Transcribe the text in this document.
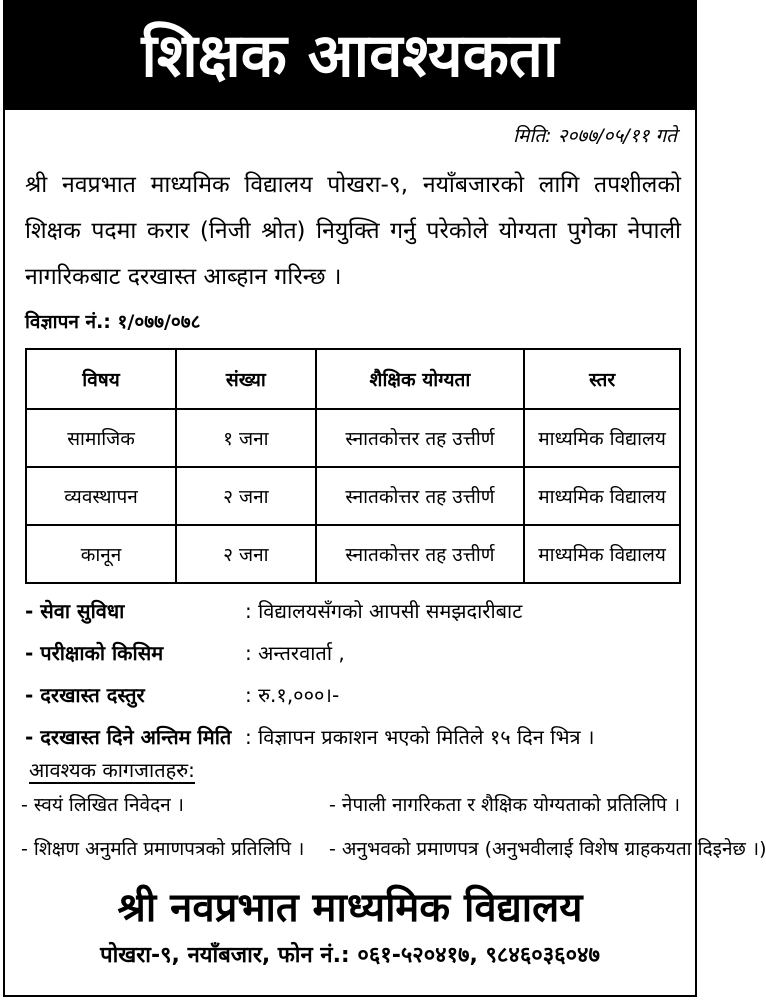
शिक्षक आवश्यकता
मिति: २०७७/०५/११ गते
श्री नवप्रभात माध्यमिक विद्यालय पोखरा-९, नयाँबजारको लागि तपशीलको शिक्षक पदमा करार (निजी श्रोत) नियुक्ति गर्नु परेकोले योग्यता पुगेका नेपाली नागरिकबाट दरखास्त आब्हान गरिन्छ ।
विज्ञापन नं.: १/०७७/०७८
विषय	संख्या	शैक्षिक योग्यता	स्तर
सामाजिक	१ जना	स्नातकोत्तर तह उत्तीर्ण	माध्यमिक विद्यालय
व्यवस्थापन	२ जना	स्नातकोत्तर तह उत्तीर्ण	माध्यमिक विद्यालय
कानून	२ जना	स्नातकोत्तर तह उत्तीर्ण	माध्यमिक विद्यालय
- सेवा सुविधा	: विद्यालयसँगको आपसी समझदारीबाट
- परीक्षाको किसिम	: अन्तरवार्ता ,
- दरखास्त दस्तुर	: रु.१,०००।-
- दरखास्त दिने अन्तिम मिति : विज्ञापन प्रकाशन भएको मितिले १५ दिन भित्र ।
आवश्यक कागजातहरु:
- स्वयं लिखित निवेदन ।	- नेपाली नागरिकता र शैक्षिक योग्यताको प्रतिलिपि ।
- शिक्षण अनुमति प्रमाणपत्रको प्रतिलिपि । - अनुभवको प्रमाणपत्र (अनुभवीलाई विशेष ग्राहकयता दिइनेछ ।)
श्री नवप्रभात माध्यमिक विद्यालय
पोखरा-९, नयाँबजार, फोन नं.: ०६१-५२०४१७, ९८४६०३६०४७
